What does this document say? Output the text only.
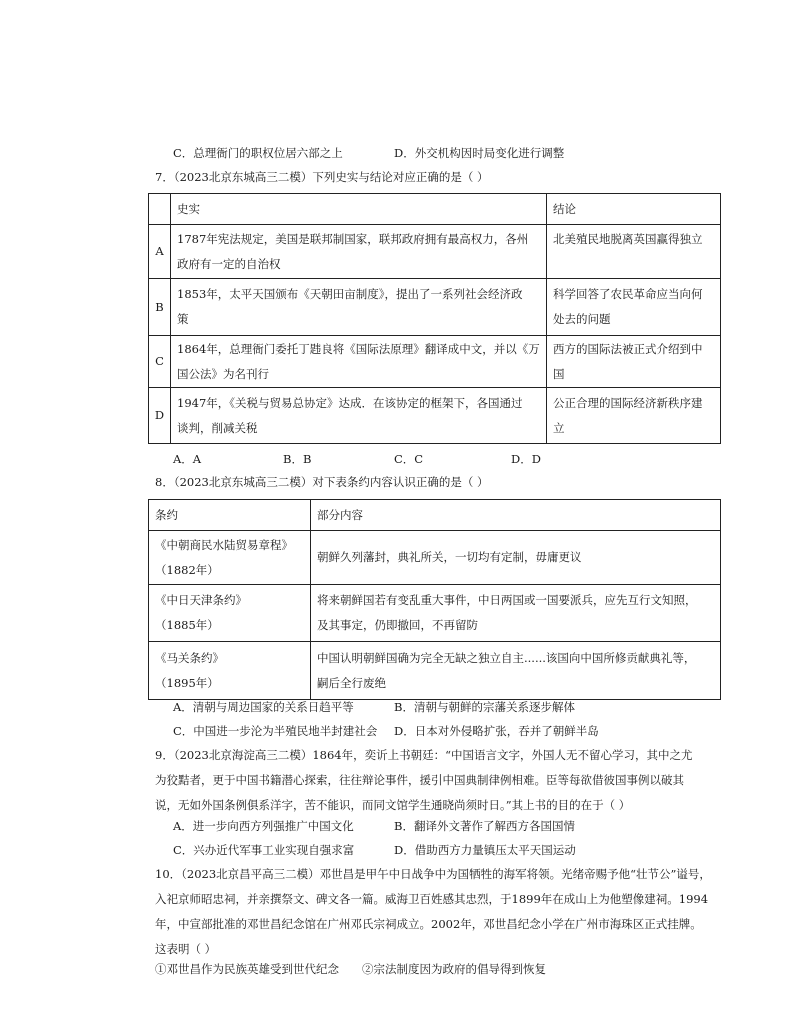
C．总理衙门的职权位居六部之上	D．外交机构因时局变化进行调整
7．（2023北京东城高三二模）下列史实与结论对应正确的是（ ）
	史实	结论
A	1787年宪法规定，美国是联邦制国家，联邦政府拥有最高权力，各州
政府有一定的自治权	北美殖民地脱离英国赢得独立

B	1853年，太平天国颁布《天朝田亩制度》，提出了一系列社会经济政
策	科学回答了农民革命应当向何
处去的问题

C	1864年，总理衙门委托丁韪良将《国际法原理》翻译成中文，并以《万
国公法》为名刊行	西方的国际法被正式介绍到中
国

D	1947年，《关税与贸易总协定》达成．在该协定的框架下，各国通过
谈判，削减关税	公正合理的国际经济新秩序建
立
A．A	B．B	C．C	D．D
8．（2023北京东城高三二模）对下表条约内容认识正确的是（ ）
条约	部分内容

《中朝商民水陆贸易章程》
（1882年）	朝鲜久列藩封，典礼所关，一切均有定制，毋庸更议

《中日天津条约》
（1885年）	将来朝鲜国若有变乱重大事件，中日两国或一国要派兵，应先互行文知照，
及其事定，仍即撤回，不再留防

《马关条约》
（1895年）	中国认明朝鲜国确为完全无缺之独立自主......该国向中国所修贡献典礼等，
嗣后全行废绝
A．清朝与周边国家的关系日趋平等	B．清朝与朝鲜的宗藩关系逐步解体
C．中国进一步沦为半殖民地半封建社会 D．日本对外侵略扩张，吞并了朝鲜半岛
9．（2023北京海淀高三二模）1864年，奕䜣上书朝廷：“中国语言文字，外国人无不留心学习，其中之尤
为狡黠者，更于中国书籍潜心探索，往往辩论事件，援引中国典制律例相难。臣等每欲借彼国事例以破其
说，无如外国条例俱系洋字，苦不能识，而同文馆学生通晓尚须时日。”其上书的目的在于（ ）
A．进一步向西方列强推广中国文化	B．翻译外文著作了解西方各国国情
C．兴办近代军事工业实现自强求富	D．借助西方力量镇压太平天国运动
10．（2023北京昌平高三二模）邓世昌是甲午中日战争中为国牺牲的海军将领。光绪帝赐予他“壮节公”谥号，
入祀京师昭忠祠，并亲撰祭文、碑文各一篇。威海卫百姓感其忠烈，于1899年在成山上为他塑像建祠。1994
年，中宣部批准的邓世昌纪念馆在广州邓氏宗祠成立。2002年，邓世昌纪念小学在广州市海珠区正式挂牌。
这表明（ ）
①邓世昌作为民族英雄受到世代纪念 ②宗法制度因为政府的倡导得到恢复
